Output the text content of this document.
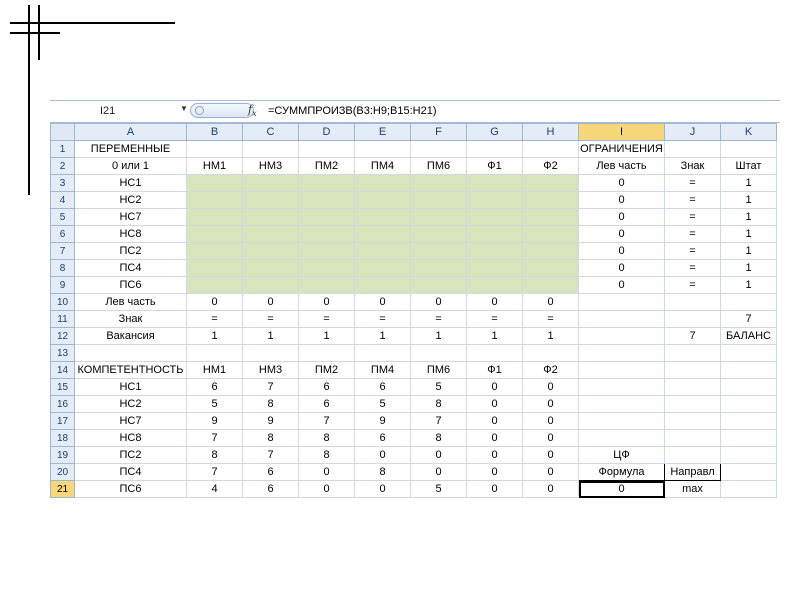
I21	▼	$f_x$ =СУММПРОИЗВ(B3:H9;B15:H21)
	A	B	C	D	E	F	G	H	I	J	K
1	ПЕРЕМЕННЫЕ								ОГРАНИЧЕНИЯ		
2	0 или 1	НМ1	НМ3	ПМ2	ПМ4	ПМ6	Ф1	Ф2	Лев часть	Знак	Штат
3	НС1								0	=	1
4	НС2								0	=	1
5	НС7								0	=	1
6	НС8								0	=	1
7	ПС2								0	=	1
8	ПС4								0	=	1
9	ПС6								0	=	1
10	Лев часть	0	0	0	0	0	0	0			
11	Знак	=	=	=	=	=	=	=			7
12	Вакансия	1	1	1	1	1	1	1		7	БАЛАНС
13											
14	КОМПЕТЕНТНОСТЬ	НМ1	НМ3	ПМ2	ПМ4	ПМ6	Ф1	Ф2			
15	НС1	6	7	6	6	5	0	0			
16	НС2	5	8	6	5	8	0	0			
17	НС7	9	9	7	9	7	0	0			
18	НС8	7	8	8	6	8	0	0			
19	ПС2	8	7	8	0	0	0	0	ЦФ		
20	ПС4	7	6	0	8	0	0	0	Формула	Направл	
21	ПС6	4	6	0	0	5	0	0	0	max	
